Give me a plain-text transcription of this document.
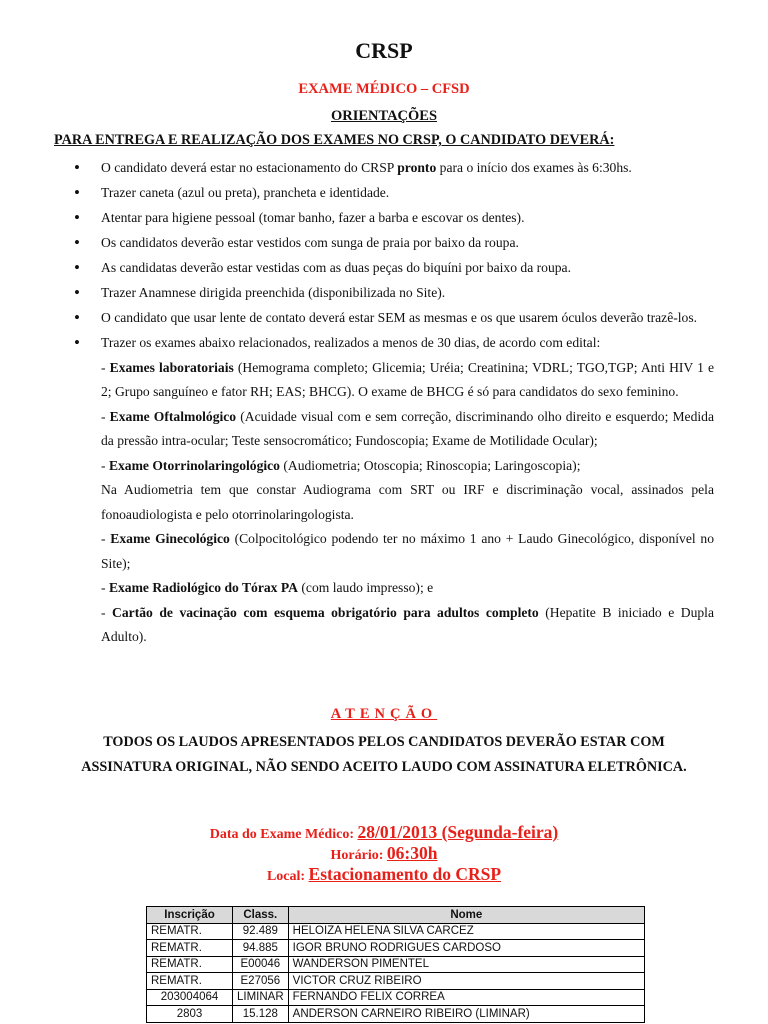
CRSP
EXAME MÉDICO – CFSD
ORIENTAÇÕES
PARA ENTREGA E REALIZAÇÃO DOS EXAMES NO CRSP, O CANDIDATO DEVERÁ:
• O candidato deverá estar no estacionamento do CRSP pronto para o início dos exames às 6:30hs.
• Trazer caneta (azul ou preta), prancheta e identidade.
• Atentar para higiene pessoal (tomar banho, fazer a barba e escovar os dentes).
• Os candidatos deverão estar vestidos com sunga de praia por baixo da roupa.
• As candidatas deverão estar vestidas com as duas peças do biquíni por baixo da roupa.
• Trazer Anamnese dirigida preenchida (disponibilizada no Site).
• O candidato que usar lente de contato deverá estar SEM as mesmas e os que usarem óculos deverão trazê-los.
• Trazer os exames abaixo relacionados, realizados a menos de 30 dias, de acordo com edital:

- Exames laboratoriais (Hemograma completo; Glicemia; Uréia; Creatinina; VDRL; TGO,TGP; Anti HIV 1 e 2; Grupo sanguíneo e fator RH; EAS; BHCG). O exame de BHCG é só para candidatos do sexo feminino.

- Exame Oftalmológico (Acuidade visual com e sem correção, discriminando olho direito e esquerdo; Medida da pressão intra-ocular; Teste sensocromático; Fundoscopia; Exame de Motilidade Ocular);

- Exame Otorrinolaringológico (Audiometria; Otoscopia; Rinoscopia; Laringoscopia);

Na Audiometria tem que constar Audiograma com SRT ou IRF e discriminação vocal, assinados pela fonoaudiologista e pelo otorrinolaringologista.

- Exame Ginecológico (Colpocitológico podendo ter no máximo 1 ano + Laudo Ginecológico, disponível no Site);

- Exame Radiológico do Tórax PA (com laudo impresso); e

- Cartão de vacinação com esquema obrigatório para adultos completo (Hepatite B iniciado e Dupla Adulto).

ATENÇÃO
TODOS OS LAUDOS APRESENTADOS PELOS CANDIDATOS DEVERÃO ESTAR COM
ASSINATURA ORIGINAL, NÃO SENDO ACEITO LAUDO COM ASSINATURA ELETRÔNICA.
Data do Exame Médico: 28/01/2013 (Segunda-feira)
Horário: 06:30h
Local: Estacionamento do CRSP
Inscrição	Class.	Nome
REMATR.	92.489	HELOIZA HELENA SILVA CARCEZ
REMATR.	94.885	IGOR BRUNO RODRIGUES CARDOSO
REMATR.	E00046	WANDERSON PIMENTEL
REMATR.	E27056	VICTOR CRUZ RIBEIRO
203004064	LIMINAR	FERNANDO FELIX CORREA
2803	15.128	ANDERSON CARNEIRO RIBEIRO (LIMINAR)
